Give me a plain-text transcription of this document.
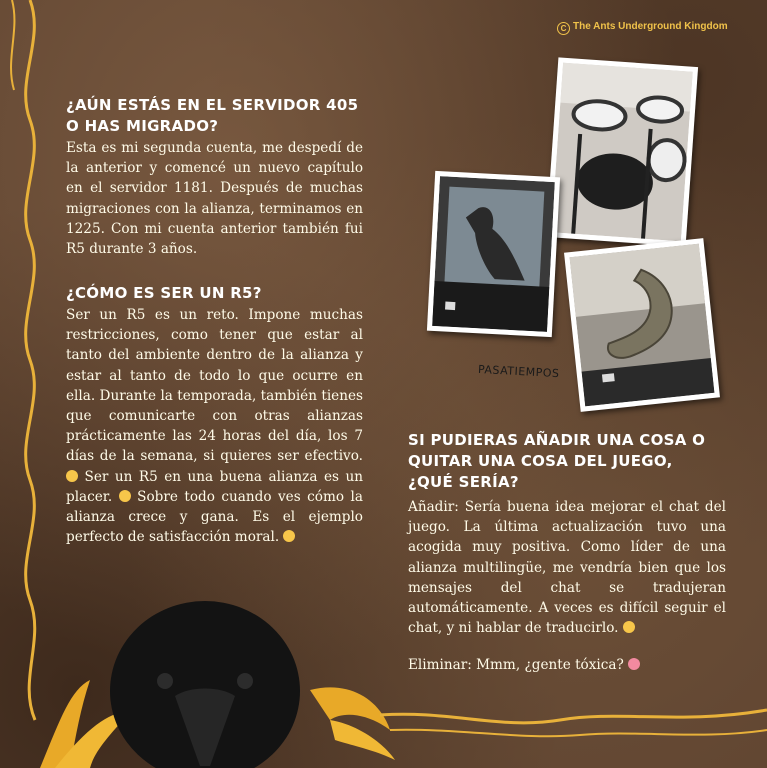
C The Ants Underground Kingdom
¿AÚN ESTÁS EN EL SERVIDOR 405 O HAS MIGRADO?

Esta es mi segunda cuenta, me despedí de la anterior y comencé un nuevo capítulo en el servidor 1181. Después de muchas migraciones con la alianza, terminamos en 1225. Con mi cuenta anterior también fui R5 durante 3 años.

¿CÓMO ES SER UN R5?

Ser un R5 es un reto. Impone muchas restricciones, como tener que estar al tanto del ambiente dentro de la alianza y estar al tanto de todo lo que ocurre en ella. Durante la temporada, también tienes que comunicarte con otras alianzas prácticamente las 24 horas del día, los 7 días de la semana, si quieres ser efectivo.  Ser un R5 en una buena alianza es un placer. Sobre todo cuando ves cómo la alianza crece y gana. Es el ejemplo perfecto de satisfacción moral.

PASATIEMPOS
SI PUDIERAS AÑADIR UNA COSA O QUITAR UNA COSA DEL JUEGO, ¿QUÉ SERÍA?

Añadir: Sería buena idea mejorar el chat del juego. La última actualización tuvo una acogida muy positiva. Como líder de una alianza multilingüe, me vendría bien que los mensajes del chat se tradujeran automáticamente. A veces es difícil seguir el chat, y ni hablar de traducirlo.

Eliminar: Mmm, ¿gente tóxica?
